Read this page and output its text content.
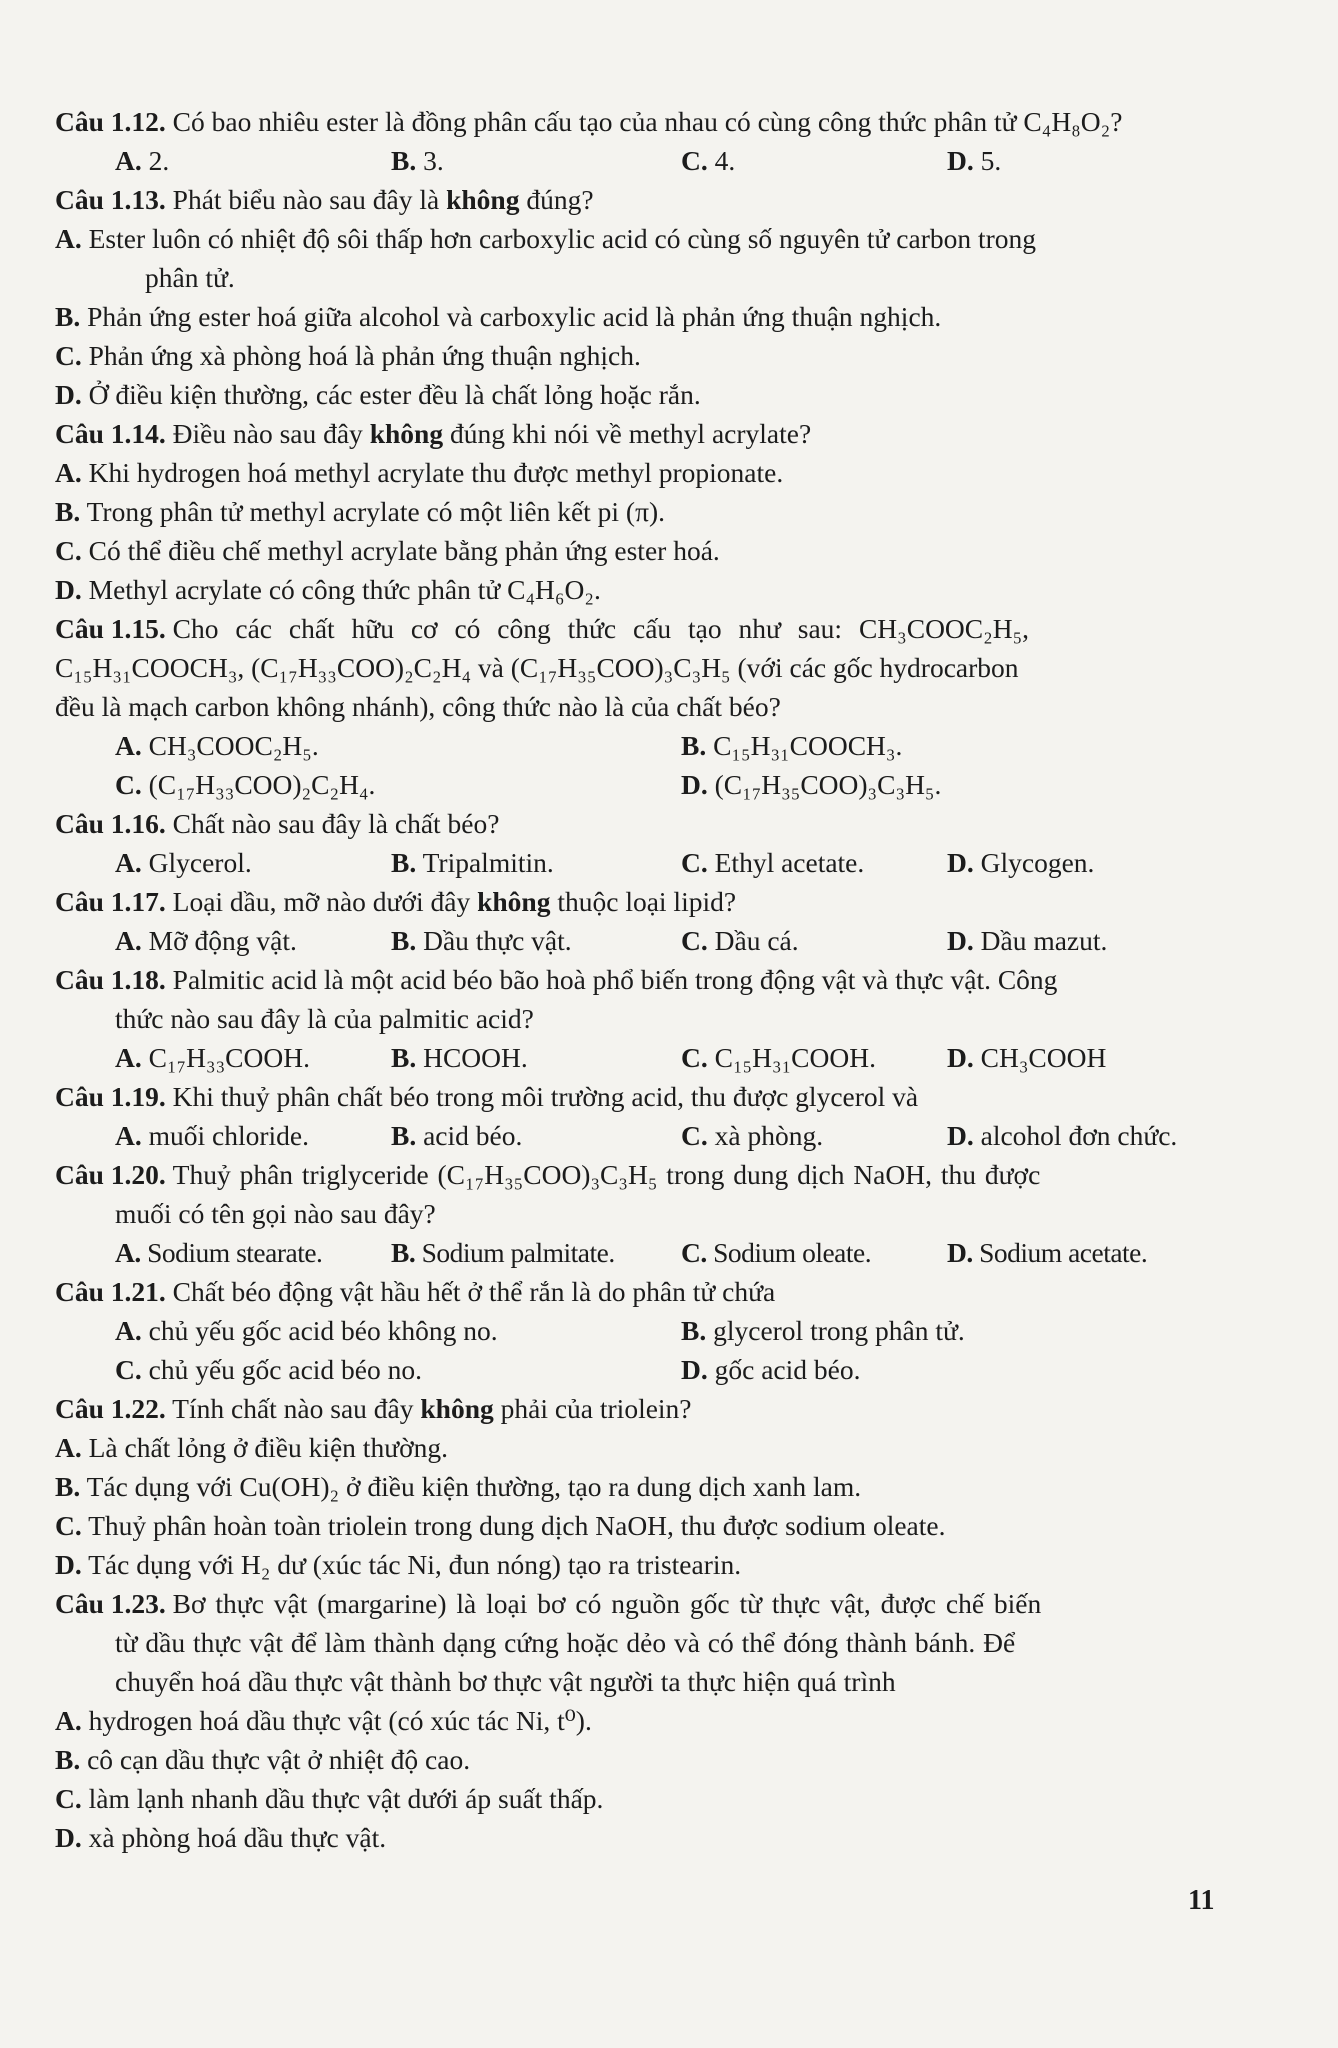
Câu 1.12. Có bao nhiêu ester là đồng phân cấu tạo của nhau có cùng công thức phân tử C₄H₈O₂?
A. 2.	B. 3.	C. 4.	D. 5.
Câu 1.13. Phát biểu nào sau đây là không đúng?
A. Ester luôn có nhiệt độ sôi thấp hơn carboxylic acid có cùng số nguyên tử carbon trong
phân tử.
B. Phản ứng ester hoá giữa alcohol và carboxylic acid là phản ứng thuận nghịch.
C. Phản ứng xà phòng hoá là phản ứng thuận nghịch.
D. Ở điều kiện thường, các ester đều là chất lỏng hoặc rắn.
Câu 1.14. Điều nào sau đây không đúng khi nói về methyl acrylate?
A. Khi hydrogen hoá methyl acrylate thu được methyl propionate.
B. Trong phân tử methyl acrylate có một liên kết pi (π).
C. Có thể điều chế methyl acrylate bằng phản ứng ester hoá.
D. Methyl acrylate có công thức phân tử C₄H₆O₂.
Câu 1.15. Cho các chất hữu cơ có công thức cấu tạo như sau: CH₃COOC₂H₅,
C₁₅H₃₁COOCH₃, (C₁₇H₃₃COO)₂C₂H₄ và (C₁₇H₃₅COO)₃C₃H₅ (với các gốc hydrocarbon
đều là mạch carbon không nhánh), công thức nào là của chất béo?
A. CH₃COOC₂H₅.	B. C₁₅H₃₁COOCH₃.
C. (C₁₇H₃₃COO)₂C₂H₄.	D. (C₁₇H₃₅COO)₃C₃H₅.
Câu 1.16. Chất nào sau đây là chất béo?
A. Glycerol.	B. Tripalmitin.	C. Ethyl acetate.	D. Glycogen.
Câu 1.17. Loại dầu, mỡ nào dưới đây không thuộc loại lipid?
A. Mỡ động vật.	B. Dầu thực vật.	C. Dầu cá.	D. Dầu mazut.
Câu 1.18. Palmitic acid là một acid béo bão hoà phổ biến trong động vật và thực vật. Công
thức nào sau đây là của palmitic acid?
A. C₁₇H₃₃COOH.	B. HCOOH.	C. C₁₅H₃₁COOH.	D. CH₃COOH
Câu 1.19. Khi thuỷ phân chất béo trong môi trường acid, thu được glycerol và
A. muối chloride.	B. acid béo.	C. xà phòng.	D. alcohol đơn chức.
Câu 1.20. Thuỷ phân triglyceride (C₁₇H₃₅COO)₃C₃H₅ trong dung dịch NaOH, thu được
muối có tên gọi nào sau đây?
A. Sodium stearate. B. Sodium palmitate. C. Sodium oleate.	D. Sodium acetate.
Câu 1.21. Chất béo động vật hầu hết ở thể rắn là do phân tử chứa
A. chủ yếu gốc acid béo không no.	B. glycerol trong phân tử.
C. chủ yếu gốc acid béo no.	D. gốc acid béo.
Câu 1.22. Tính chất nào sau đây không phải của triolein?
A. Là chất lỏng ở điều kiện thường.
B. Tác dụng với Cu(OH)₂ ở điều kiện thường, tạo ra dung dịch xanh lam.
C. Thuỷ phân hoàn toàn triolein trong dung dịch NaOH, thu được sodium oleate.
D. Tác dụng với H₂ dư (xúc tác Ni, đun nóng) tạo ra tristearin.
Câu 1.23. Bơ thực vật (margarine) là loại bơ có nguồn gốc từ thực vật, được chế biến
từ dầu thực vật để làm thành dạng cứng hoặc dẻo và có thể đóng thành bánh. Để
chuyển hoá dầu thực vật thành bơ thực vật người ta thực hiện quá trình
A. hydrogen hoá dầu thực vật (có xúc tác Ni, t⁰).
B. cô cạn dầu thực vật ở nhiệt độ cao.
C. làm lạnh nhanh dầu thực vật dưới áp suất thấp.
D. xà phòng hoá dầu thực vật.
11
